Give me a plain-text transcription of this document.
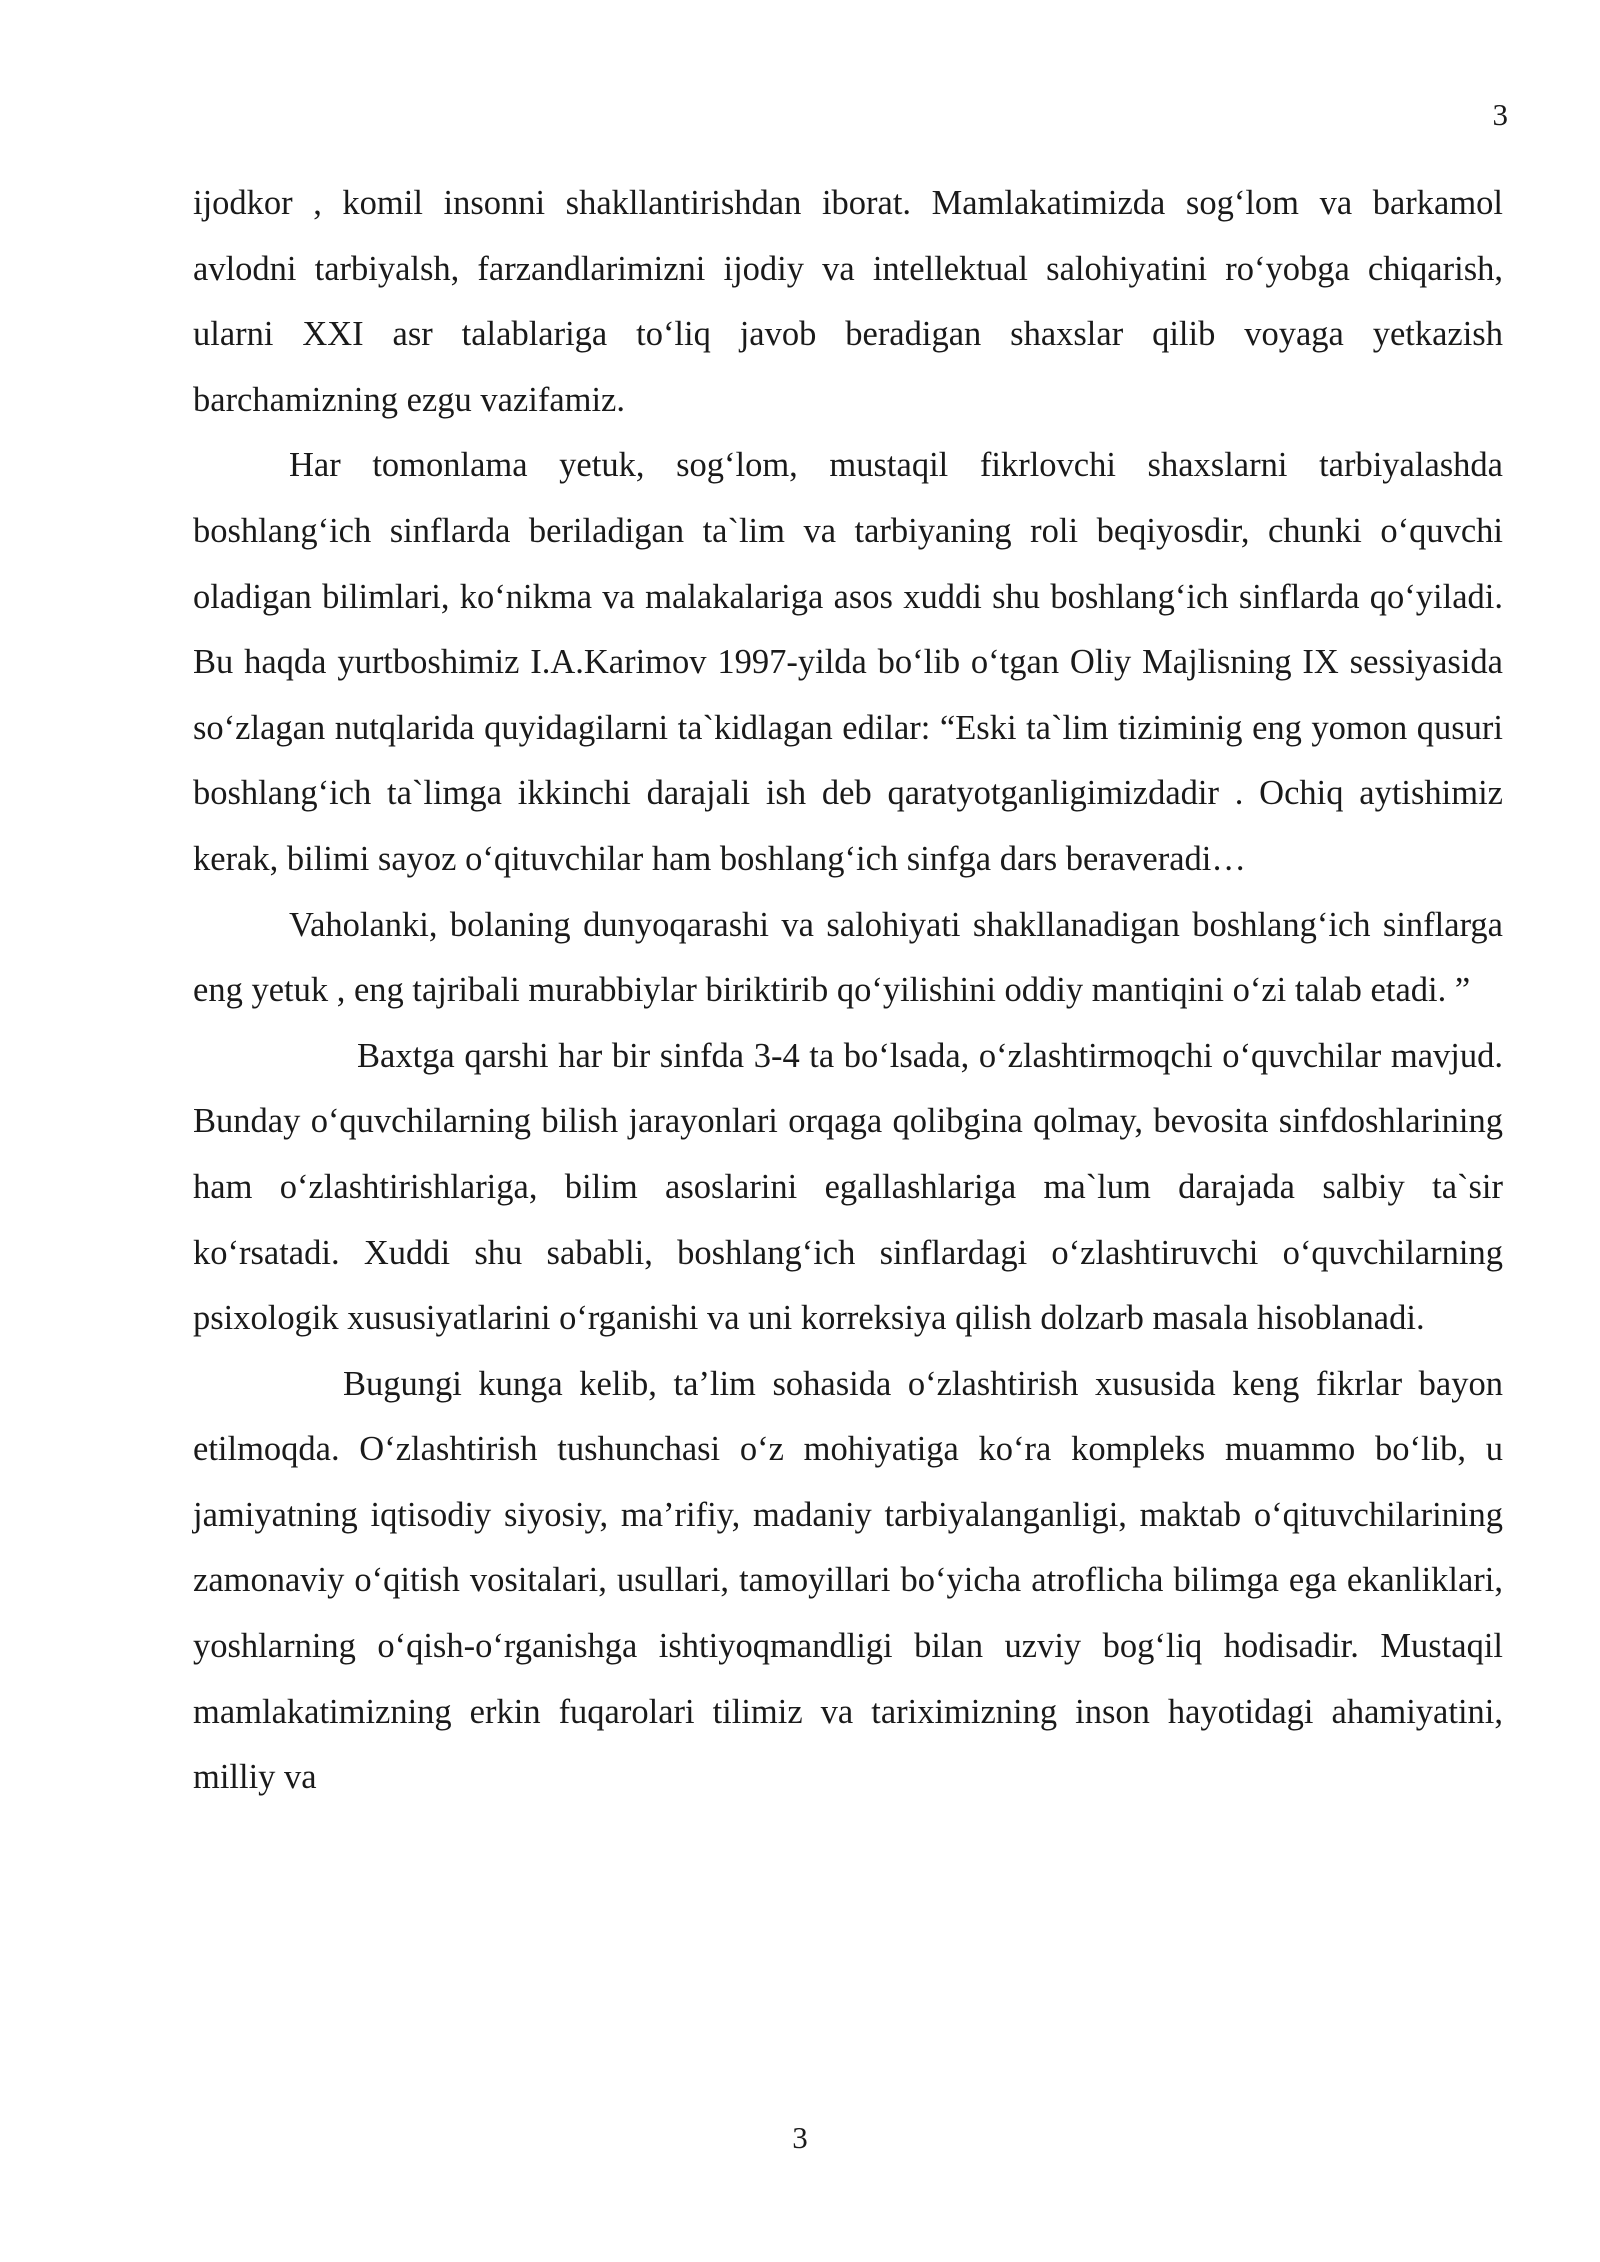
3

ijodkor , komil insonni shakllantirishdan iborat. Mamlakatimizda sog‘lom va barkamol avlodni tarbiyalsh, farzandlarimizni ijodiy va intellektual salohiyatini ro‘yobga chiqarish, ularni XXI asr talablariga to‘liq javob beradigan shaxslar qilib voyaga yetkazish barchamizning ezgu vazifamiz.

Har tomonlama yetuk, sog‘lom, mustaqil fikrlovchi shaxslarni tarbiyalashda boshlang‘ich sinflarda beriladigan ta`lim va tarbiyaning roli beqiyosdir, chunki o‘quvchi oladigan bilimlari, ko‘nikma va malakalariga asos xuddi shu boshlang‘ich sinflarda qo‘yiladi. Bu haqda yurtboshimiz I.A.Karimov 1997-yilda bo‘lib o‘tgan Oliy Majlisning IX sessiyasida so‘zlagan nutqlarida quyidagilarni ta`kidlagan edilar: “Eski ta`lim tiziminig eng yomon qusuri boshlang‘ich ta`limga ikkinchi darajali ish deb qaratyotganligimizdadir . Ochiq aytishimiz kerak, bilimi sayoz o‘qituvchilar ham boshlang‘ich sinfga dars beraveradi…

Vaholanki, bolaning dunyoqarashi va salohiyati shakllanadigan boshlang‘ich sinflarga eng yetuk , eng tajribali murabbiylar biriktirib qo‘yilishini oddiy mantiqini o‘zi talab etadi. ”

Baxtga qarshi har bir sinfda 3-4 ta bo‘lsada, o‘zlashtirmoqchi o‘quvchilar mavjud. Bunday o‘quvchilarning bilish jarayonlari orqaga qolibgina qolmay, bevosita sinfdoshlarining ham o‘zlashtirishlariga, bilim asoslarini egallashlariga ma`lum darajada salbiy ta`sir ko‘rsatadi. Xuddi shu sababli, boshlang‘ich sinflardagi o‘zlashtiruvchi o‘quvchilarning psixologik xususiyatlarini o‘rganishi va uni korreksiya qilish dolzarb masala hisoblanadi.

Bugungi kunga kelib, ta’lim sohasida o‘zlashtirish xususida keng fikrlar bayon etilmoqda. O‘zlashtirish tushunchasi o‘z mohiyatiga ko‘ra kompleks muammo bo‘lib, u jamiyatning iqtisodiy siyosiy, ma’rifiy, madaniy tarbiyalanganligi, maktab o‘qituvchilarining zamonaviy o‘qitish vositalari, usullari, tamoyillari bo‘yicha atroflicha bilimga ega ekanliklari, yoshlarning o‘qish-o‘rganishga ishtiyoqmandligi bilan uzviy bog‘liq hodisadir. Mustaqil mamlakatimizning erkin fuqarolari tilimiz va tariximizning inson hayotidagi ahamiyatini, milliy va

3
